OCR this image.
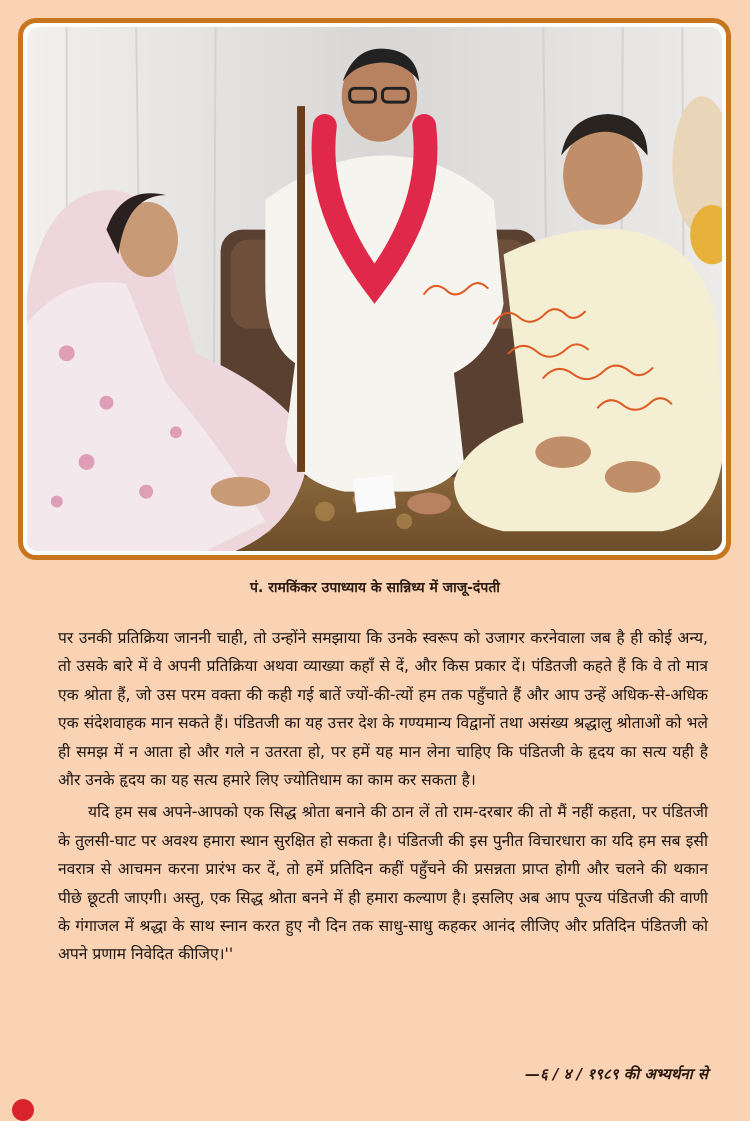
पं. रामकिंकर उपाध्याय के सान्निध्य में जाजू-दंपती

पर उनकी प्रतिक्रिया जाननी चाही, तो उन्होंने समझाया कि उनके स्वरूप को उजागर करनेवाला जब है ही कोई अन्य, तो उसके बारे में वे अपनी प्रतिक्रिया अथवा व्याख्या कहाँ से दें, और किस प्रकार दें। पंडितजी कहते हैं कि वे तो मात्र एक श्रोता हैं, जो उस परम वक्ता की कही गई बातें ज्यों-की-त्यों हम तक पहुँचाते हैं और आप उन्हें अधिक-से-अधिक एक संदेशवाहक मान सकते हैं। पंडितजी का यह उत्तर देश के गण्यमान्य विद्वानों तथा असंख्य श्रद्धालु श्रोताओं को भले ही समझ में न आता हो और गले न उतरता हो, पर हमें यह मान लेना चाहिए कि पंडितजी के हृदय का सत्य यही है और उनके हृदय का यह सत्य हमारे लिए ज्योतिधाम का काम कर सकता है।

यदि हम सब अपने-आपको एक सिद्ध श्रोता बनाने की ठान लें तो राम-दरबार की तो मैं नहीं कहता, पर पंडितजी के तुलसी-घाट पर अवश्य हमारा स्थान सुरक्षित हो सकता है। पंडितजी की इस पुनीत विचारधारा का यदि हम सब इसी नवरात्र से आचमन करना प्रारंभ कर दें, तो हमें प्रतिदिन कहीं पहुँचने की प्रसन्नता प्राप्त होगी और चलने की थकान पीछे छूटती जाएगी। अस्तु, एक सिद्ध श्रोता बनने में ही हमारा कल्याण है। इसलिए अब आप पूज्य पंडितजी की वाणी के गंगाजल में श्रद्धा के साथ स्नान करत हुए नौ दिन तक साधु-साधु कहकर आनंद लीजिए और प्रतिदिन पंडितजी को अपने प्रणाम निवेदित कीजिए।''

—६ / ४ / १९८९ की अभ्यर्थना से
